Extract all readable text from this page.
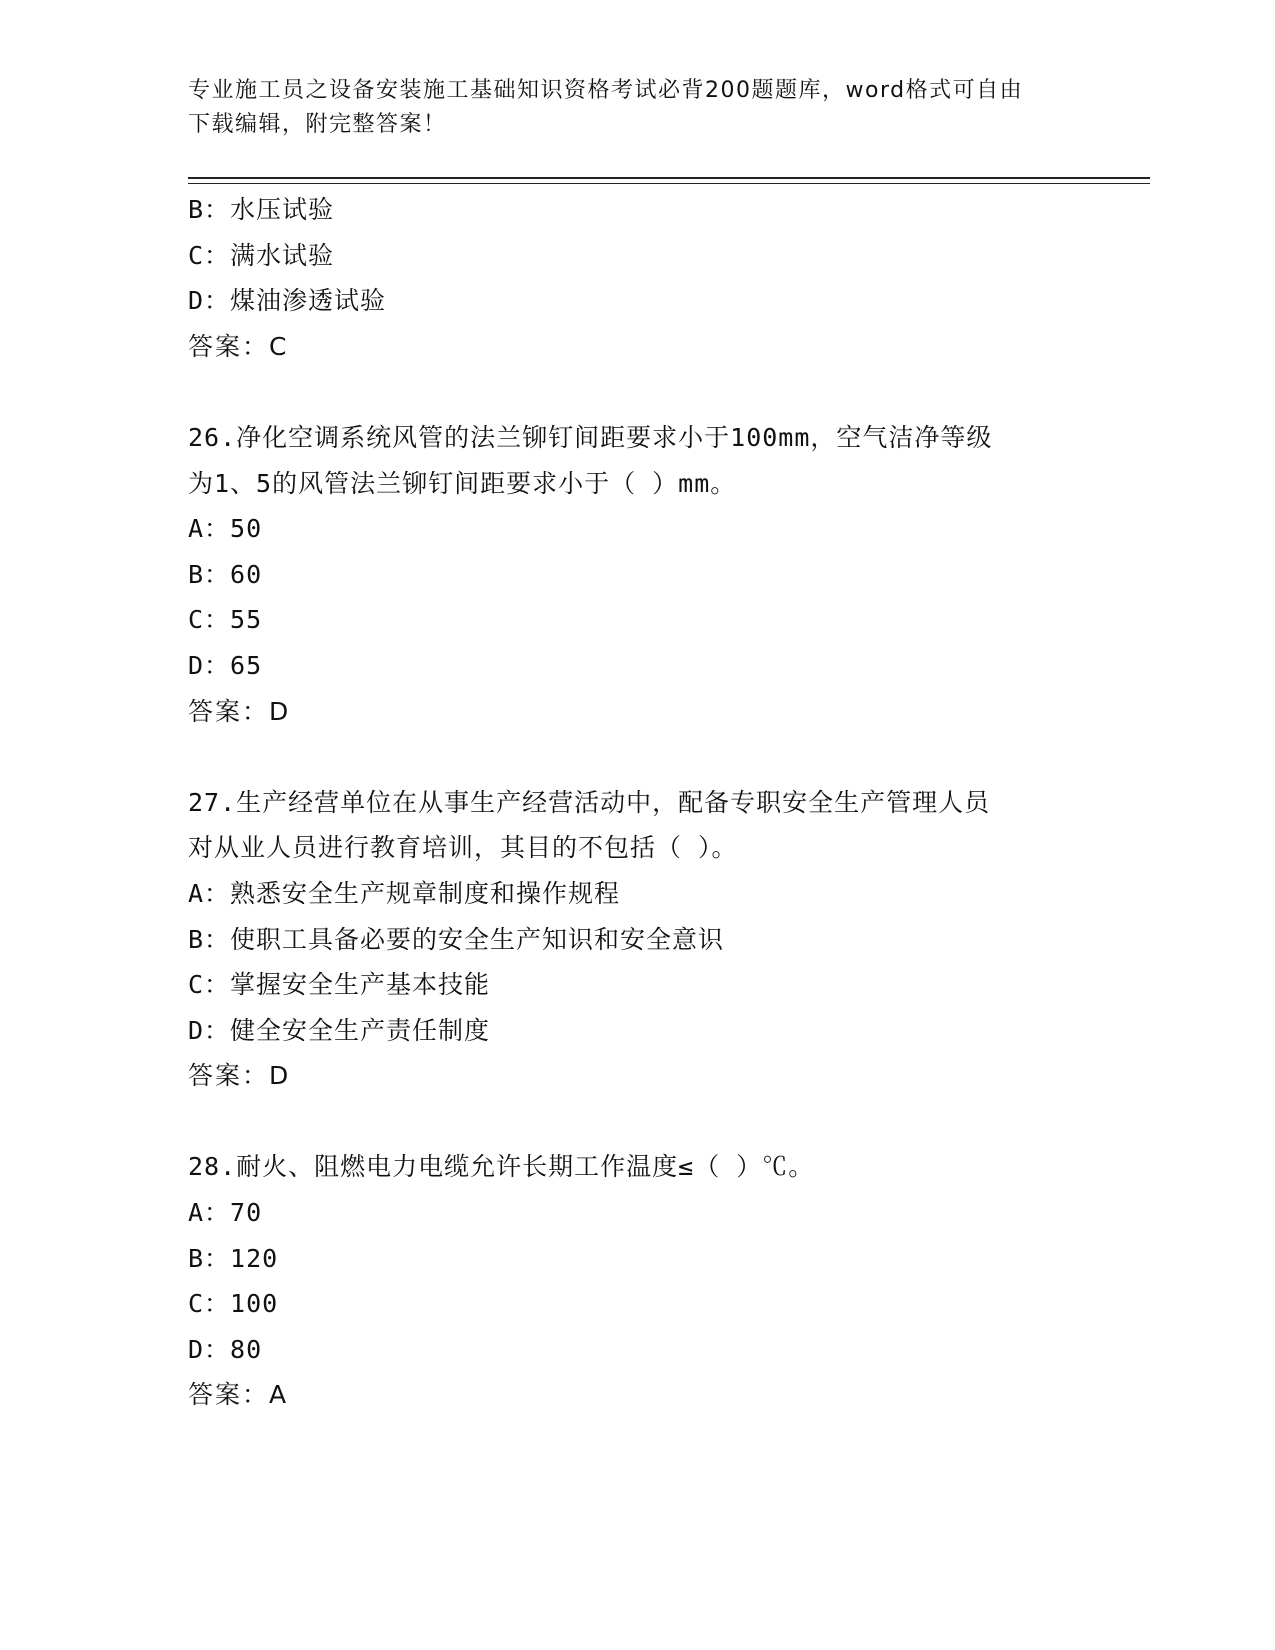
专业施工员之设备安装施工基础知识资格考试必背200题题库，word格式可自由
下载编辑，附完整答案！
B：水压试验
C：满水试验
D：煤油渗透试验
答案：C
26.净化空调系统风管的法兰铆钉间距要求小于100mm，空气洁净等级
为1、5的风管法兰铆钉间距要求小于（ ）mm。
A：50
B：60
C：55
D：65
答案：D
27.生产经营单位在从事生产经营活动中，配备专职安全生产管理人员
对从业人员进行教育培训，其目的不包括（ ）。
A：熟悉安全生产规章制度和操作规程
B：使职工具备必要的安全生产知识和安全意识
C：掌握安全生产基本技能
D：健全安全生产责任制度
答案：D
28.耐火、阻燃电力电缆允许长期工作温度≤（ ）℃。
A：70
B：120
C：100
D：80
答案：A
